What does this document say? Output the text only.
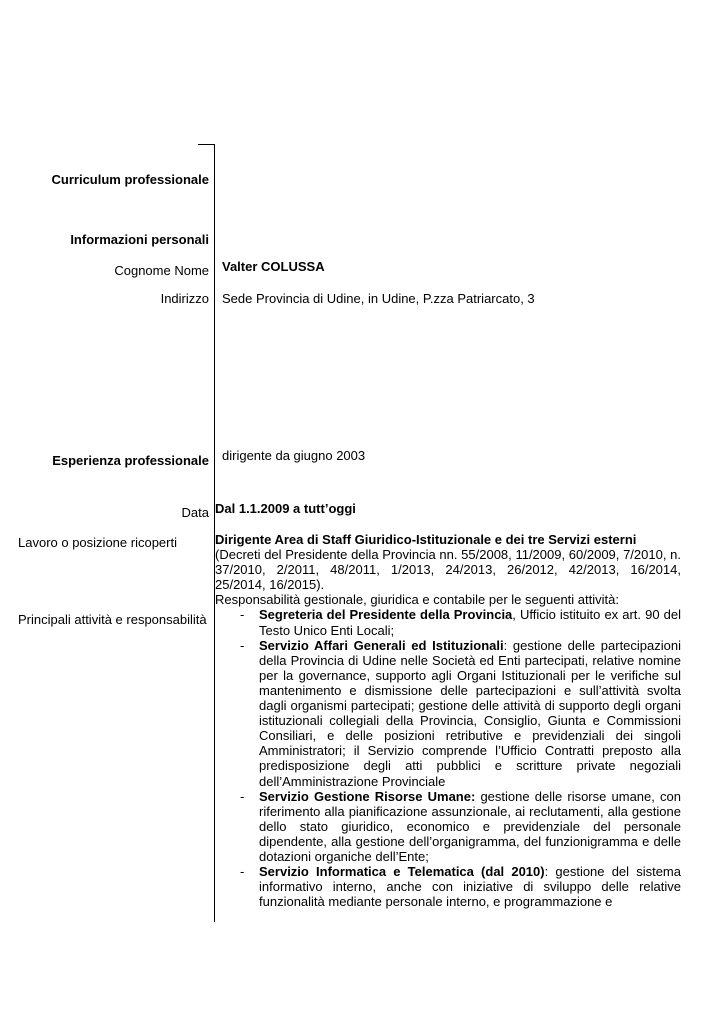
Curriculum professionale
Informazioni personali
Cognome Nome Valter COLUSSA
Indirizzo Sede Provincia di Udine, in Udine, P.zza Patriarcato, 3
Esperienza professionale dirigente da giugno 2003
Data Dal 1.1.2009 a tutt’oggi
Lavoro o posizione ricoperti
Principali attività e responsabilità
Dirigente Area di Staff Giuridico-Istituzionale e dei tre Servizi esterni
(Decreti del Presidente della Provincia nn. 55/2008, 11/2009, 60/2009, 7/2010, n. 37/2010, 2/2011, 48/2011, 1/2013, 24/2013, 26/2012, 42/2013, 16/2014, 25/2014, 16/2015).
Responsabilità gestionale, giuridica e contabile per le seguenti attività:
- Segreteria del Presidente della Provincia, Ufficio istituito ex art. 90 del Testo Unico Enti Locali;
- Servizio Affari Generali ed Istituzionali: gestione delle partecipazioni della Provincia di Udine nelle Società ed Enti partecipati, relative nomine per la governance, supporto agli Organi Istituzionali per le verifiche sul mantenimento e dismissione delle partecipazioni e sull’attività svolta dagli organismi partecipati; gestione delle attività di supporto degli organi istituzionali collegiali della Provincia, Consiglio, Giunta e Commissioni Consiliari, e delle posizioni retributive e previdenziali dei singoli Amministratori; il Servizio comprende l’Ufficio Contratti preposto alla predisposizione degli atti pubblici e scritture private negoziali dell’Amministrazione Provinciale
- Servizio Gestione Risorse Umane: gestione delle risorse umane, con riferimento alla pianificazione assunzionale, ai reclutamenti, alla gestione dello stato giuridico, economico e previdenziale del personale dipendente, alla gestione dell’organigramma, del funzionigramma e delle dotazioni organiche dell’Ente;
- Servizio Informatica e Telematica (dal 2010): gestione del sistema informativo interno, anche con iniziative di sviluppo delle relative funzionalità mediante personale interno, e programmazione e
